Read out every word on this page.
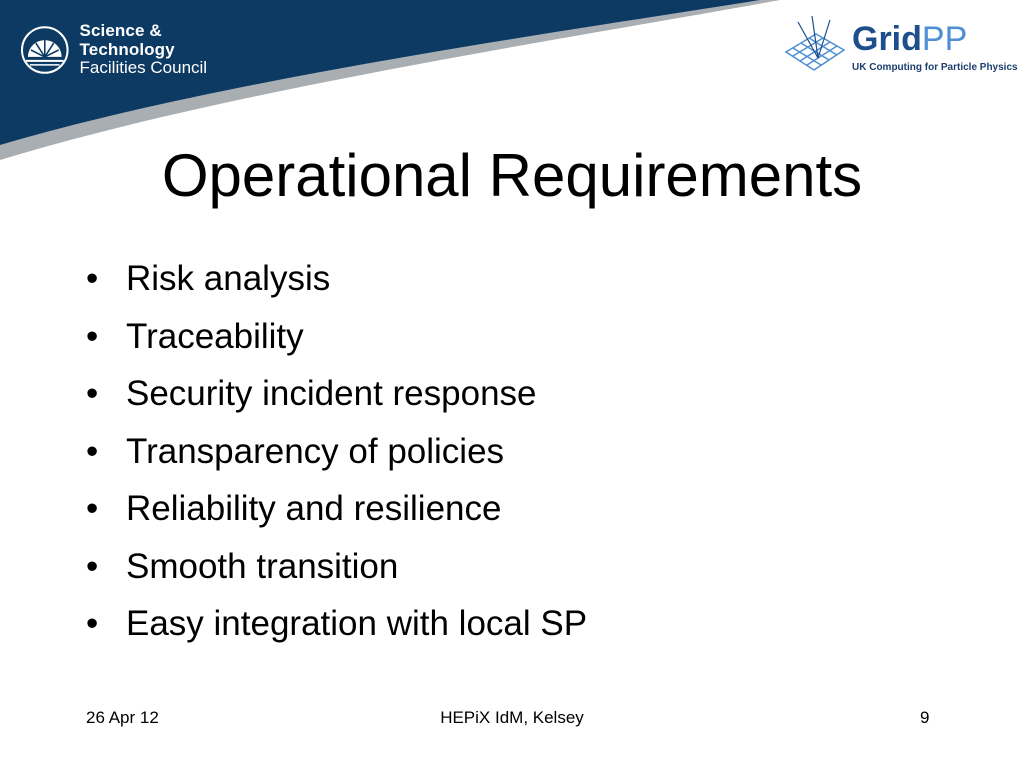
Science & Technology
Facilities Council
GridPP
UK Computing for Particle Physics
Operational Requirements
• Risk analysis
• Traceability
• Security incident response
• Transparency of policies
• Reliability and resilience
• Smooth transition
• Easy integration with local SP
26 Apr 12	HEPiX IdM, Kelsey	9
